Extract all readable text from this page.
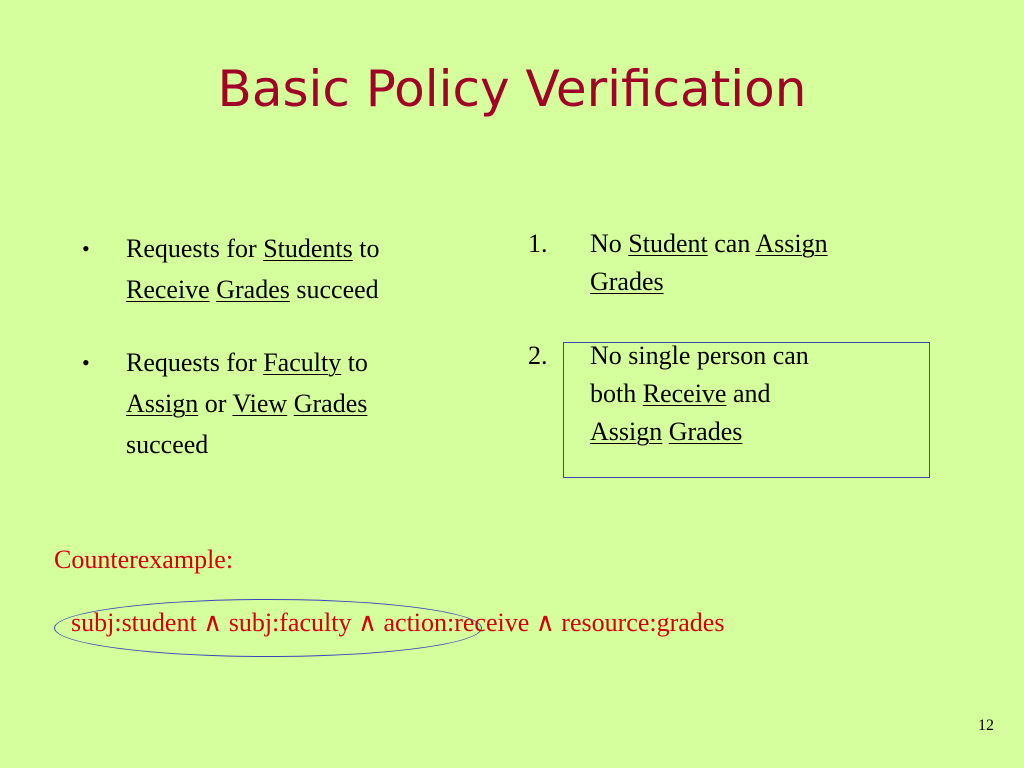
Basic Policy Verification
•	Requests for Students to
Receive Grades succeed
•	Requests for Faculty to
Assign or View Grades
succeed
1. No Student can Assign
Grades
2. No single person can
both Receive and
Assign Grades
Counterexample:
subj:student ∧ subj:faculty ∧ action:receive ∧ resource:grades
12
